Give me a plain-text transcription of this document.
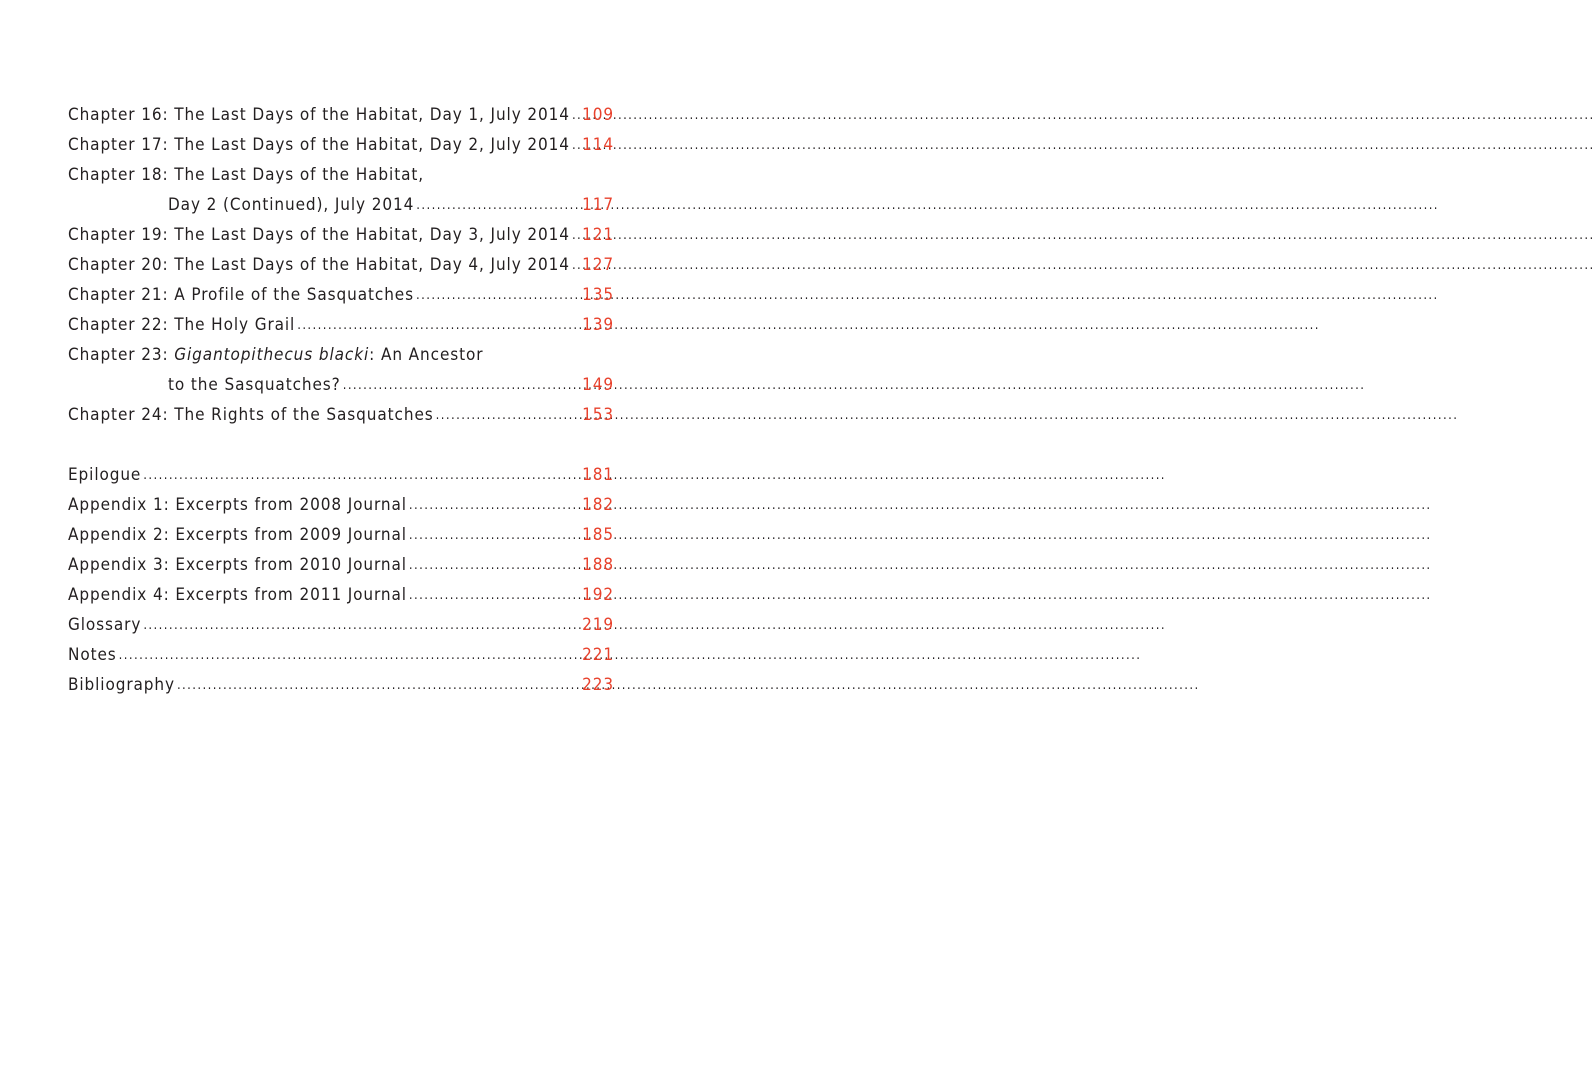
Chapter 16: The Last Days of the Habitat, Day 1, July 2014 ..... 109
Chapter 17: The Last Days of the Habitat, Day 2, July 2014 ..... 114
Chapter 18: The Last Days of the Habitat,
Day 2 (Continued), July 2014 .....	117
Chapter 19: The Last Days of the Habitat, Day 3, July 2014 ..... 121
Chapter 20: The Last Days of the Habitat, Day 4, July 2014 ..... 127
Chapter 21: A Profile of the Sasquatches .....	135
Chapter 22: The Holy Grail .....	139
Chapter 23: Gigantopithecus blacki: An Ancestor
to the Sasquatches? .....	149
Chapter 24: The Rights of the Sasquatches .....	153
Epilogue .....	181
Appendix 1: Excerpts from 2008 Journal .....	182
Appendix 2: Excerpts from 2009 Journal .....	185
Appendix 3: Excerpts from 2010 Journal .....	188
Appendix 4: Excerpts from 2011 Journal .....	192
Glossary .....	219
Notes .....	221
Bibliography .....	223
